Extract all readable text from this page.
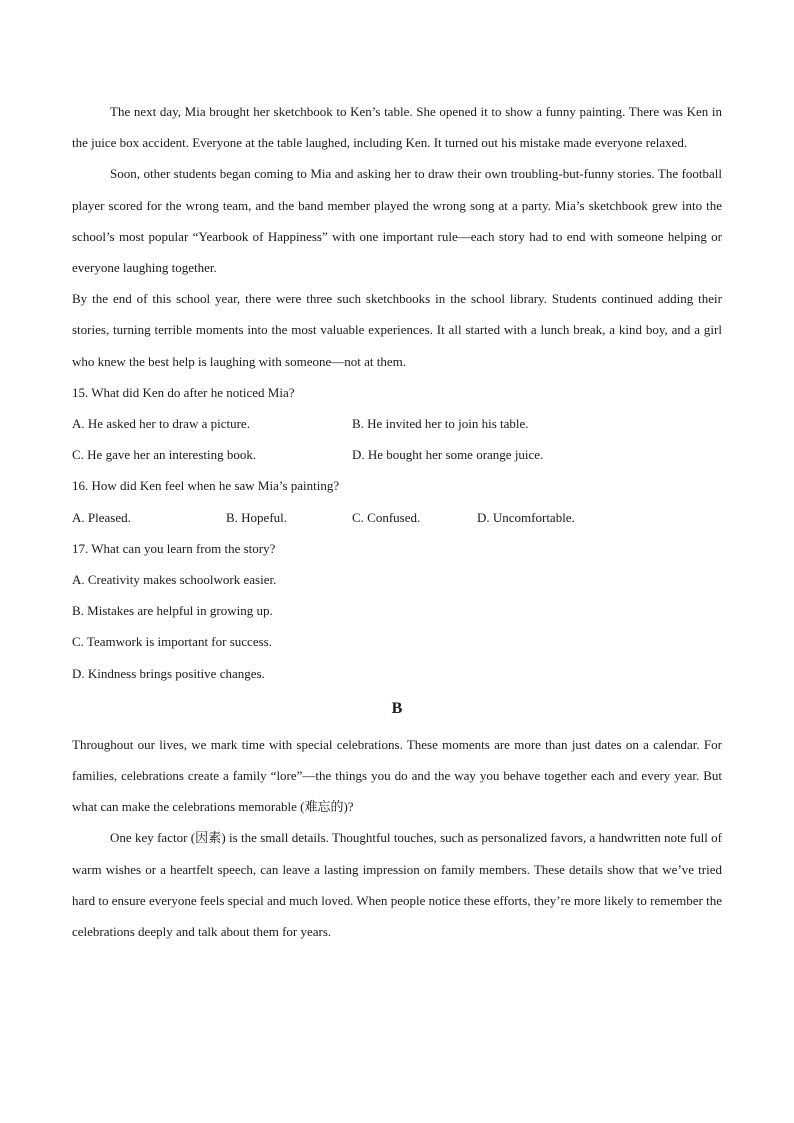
The next day, Mia brought her sketchbook to Ken’s table. She opened it to show a funny painting. There was Ken in the juice box accident. Everyone at the table laughed, including Ken. It turned out his mistake made everyone relaxed.

Soon, other students began coming to Mia and asking her to draw their own troubling-but-funny stories. The football player scored for the wrong team, and the band member played the wrong song at a party. Mia’s sketchbook grew into the school’s most popular “Yearbook of Happiness” with one important rule—each story had to end with someone helping or everyone laughing together.

By the end of this school year, there were three such sketchbooks in the school library. Students continued adding their stories, turning terrible moments into the most valuable experiences. It all started with a lunch break, a kind boy, and a girl who knew the best help is laughing with someone—not at them.

15. What did Ken do after he noticed Mia?

A. He asked her to draw a picture.	B. He invited her to join his table.
C. He gave her an interesting book.	D. He bought her some orange juice.

16. How did Ken feel when he saw Mia’s painting?

A. Pleased.	B. Hopeful.	C. Confused.	D. Uncomfortable.

17. What can you learn from the story?

A. Creativity makes schoolwork easier.

B. Mistakes are helpful in growing up.

C. Teamwork is important for success.

D. Kindness brings positive changes.

B

Throughout our lives, we mark time with special celebrations. These moments are more than just dates on a calendar. For families, celebrations create a family “lore”—the things you do and the way you behave together each and every year. But what can make the celebrations memorable (难忘的)?

One key factor (因素) is the small details. Thoughtful touches, such as personalized favors, a handwritten note full of warm wishes or a heartfelt speech, can leave a lasting impression on family members. These details show that we’ve tried hard to ensure everyone feels special and much loved. When people notice these efforts, they’re more likely to remember the celebrations deeply and talk about them for years.
